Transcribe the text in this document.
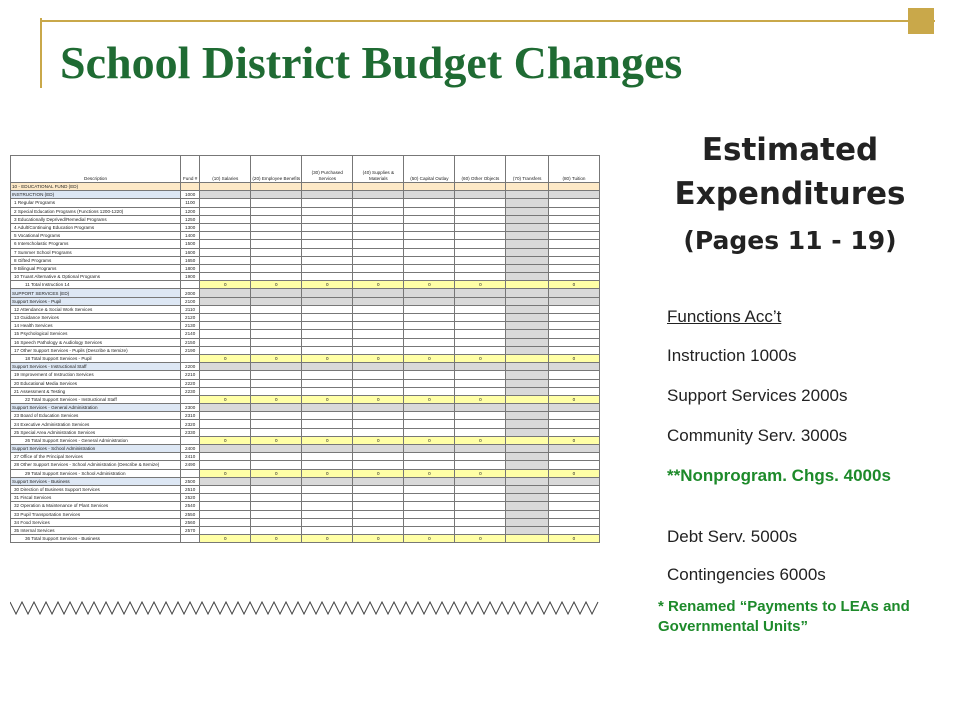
School District Budget Changes
Description	Fund #	(10) Salaries	(20) Employee Benefits	(30) Purchased Services	(40) Supplies & Materials	(50) Capital Outlay	(60) Other Objects	(70) Transfers	(80) Tuition
10 - EDUCATIONAL FUND (ED)									
INSTRUCTION (ED)	1000								
1 Regular Programs	1100								
2 Special Education Programs (Functions 1200-1220)	1200								
3 Educationally Deprived/Remedial Programs	1250								
4 Adult/Continuing Education Programs	1300								
5 Vocational Programs	1400								
6 Interscholastic Programs	1500								
7 Summer School Programs	1600								
8 Gifted Programs	1650								
9 Bilingual Programs	1800								
10 Truant Alternative & Optional Programs	1900								
11 Total Instruction 14		0	0	0	0	0	0		0
SUPPORT SERVICES (ED)	2000								
Support Services - Pupil	2100								
12 Attendance & Social Work Services	2110								
13 Guidance Services	2120								
14 Health Services	2130								
15 Psychological Services	2140								
16 Speech Pathology & Audiology Services	2150								
17 Other Support Services - Pupils (Describe & Itemize)	2190								
18 Total Support Services - Pupil		0	0	0	0	0	0		0
Support Services - Instructional Staff	2200								
19 Improvement of Instruction Services	2210								
20 Educational Media Services	2220								
21 Assessment & Testing	2230								
22 Total Support Services - Instructional Staff		0	0	0	0	0	0		0
Support Services - General Administration	2300								
23 Board of Education Services	2310								
24 Executive Administration Services	2320								
25 Special Area Administration Services	2330								
26 Total Support Services - General Administration		0	0	0	0	0	0		0
Support Services - School Administration	2400								
27 Office of the Principal Services	2410								
28 Other Support Services - School Administration (Describe & Itemize)	2490								
29 Total Support Services - School Administration		0	0	0	0	0	0		0
Support Services - Business	2500								
30 Direction of Business Support Services	2510								
31 Fiscal Services	2520								
32 Operation & Maintenance of Plant Services	2540								
33 Pupil Transportation Services	2550								
34 Food Services	2560								
35 Internal Services	2570								
36 Total Support Services - Business		0	0	0	0	0	0		0
Estimated
Expenditures
(Pages 11 - 19)
Functions Acc’t
Instruction 1000s
Support Services 2000s
Community Serv. 3000s
**Nonprogram. Chgs. 4000s
Debt Serv. 5000s
Contingencies 6000s
* Renamed “Payments to LEAs and Governmental Units”
